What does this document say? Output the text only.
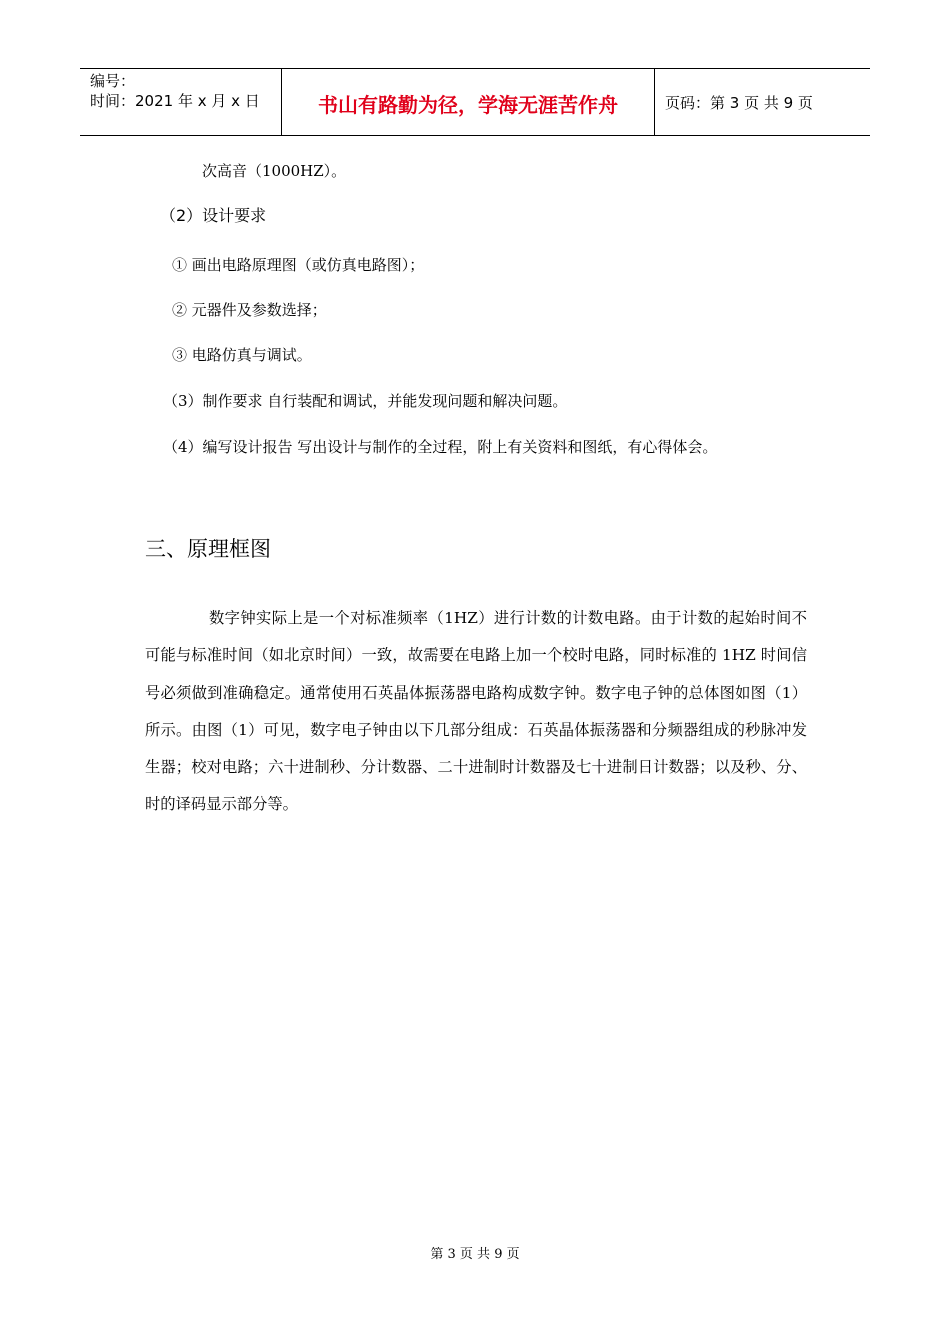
编号：
时间：2021 年 x 月 x 日	书山有路勤为径，学海无涯苦作舟	页码：第 3 页 共 9 页
次高音（1000HZ）。
（2）设计要求
① 画出电路原理图（或仿真电路图）；
② 元器件及参数选择；
③ 电路仿真与调试。
（3）制作要求 自行装配和调试，并能发现问题和解决问题。
（4）编写设计报告 写出设计与制作的全过程，附上有关资料和图纸，有心得体会。
三、原理框图
数字钟实际上是一个对标准频率（1HZ）进行计数的计数电路。由于计数的起始时间不可能与标准时间（如北京时间）一致，故需要在电路上加一个校时电路，同时标准的 1HZ 时间信号必须做到准确稳定。通常使用石英晶体振荡器电路构成数字钟。数字电子钟的总体图如图（1）所示。由图（1）可见，数字电子钟由以下几部分组成：石英晶体振荡器和分频器组成的秒脉冲发生器；校对电路；六十进制秒、分计数器、二十进制时计数器及七十进制日计数器；以及秒、分、时的译码显示部分等。
第 3 页 共 9 页
